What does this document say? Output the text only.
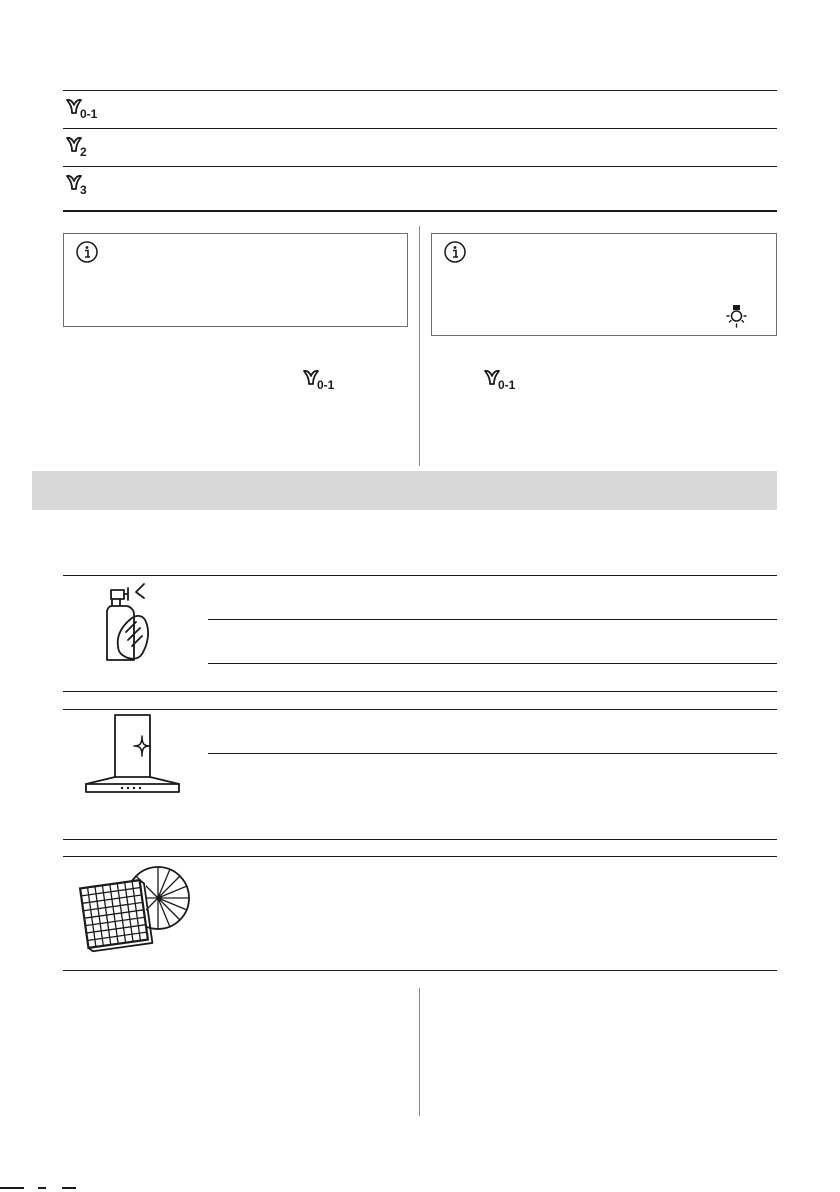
0-1
2
3
0-1	0-1
